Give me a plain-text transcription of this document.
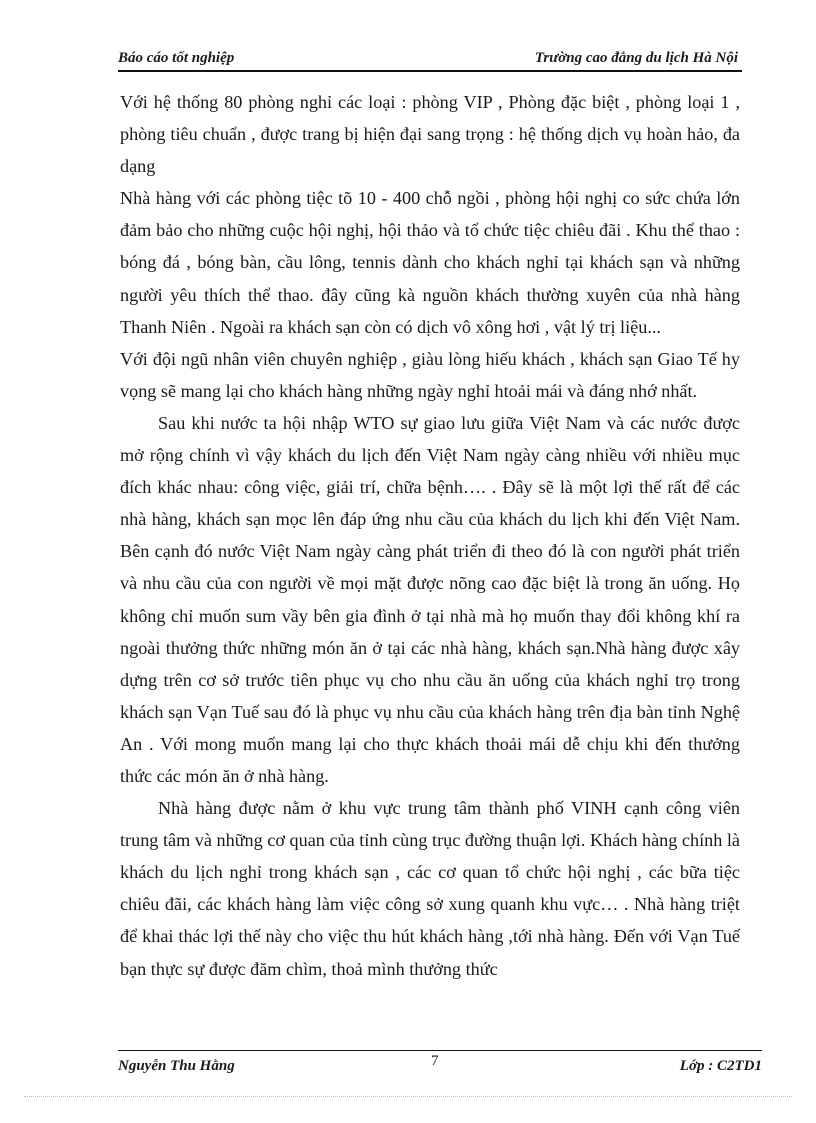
Báo cáo tốt nghiệp	Trường cao đẳng du lịch Hà Nội

Với hệ thống 80 phòng nghỉ các loại : phòng VIP , Phòng đặc biệt , phòng loại 1 , phòng tiêu chuẩn , được trang bị hiện đại sang trọng : hệ thống dịch vụ hoàn hảo, đa dạng

Nhà hàng với các phòng tiệc tõ 10 - 400 chỗ ngồi , phòng hội nghị co sức chứa lớn đảm bảo cho những cuộc hội nghị, hội thảo và tổ chức tiệc chiêu đãi . Khu thể thao : bóng đá , bóng bàn, cầu lông, tennis dành cho khách nghỉ tại khách sạn và những người yêu thích thể thao. đây cũng kà nguồn khách thường xuyên của nhà hàng Thanh Niên . Ngoài ra khách sạn còn có dịch vô xông hơi , vật lý trị liệu...

Với đội ngũ nhân viên chuyên nghiệp , giàu lòng hiếu khách , khách sạn Giao Tế hy vọng sẽ mang lại cho khách hàng những ngày nghỉ htoải mái và đáng nhớ nhất.

Sau khi nước ta hội nhập WTO sự giao lưu giữa Việt Nam và các nước được mở rộng chính vì vậy khách du lịch đến Việt Nam ngày càng nhiều với nhiều mục đích khác nhau: công việc, giải trí, chữa bệnh…. . Đây sẽ là một lợi thế rất để các nhà hàng, khách sạn mọc lên đáp ứng nhu cầu của khách du lịch khi đến Việt Nam. Bên cạnh đó nước Việt Nam ngày càng phát triển đi theo đó là con người phát triển và nhu cầu của con người về mọi mặt được nõng cao đặc biệt là trong ăn uống. Họ không chỉ muốn sum vầy bên gia đình ở tại nhà mà họ muốn thay đổi không khí ra ngoài thưởng thức những món ăn ở tại các nhà hàng, khách sạn.Nhà hàng được xây dựng trên cơ sở trước tiên phục vụ cho nhu cầu ăn uống của khách nghỉ trọ trong khách sạn Vạn Tuế sau đó là phục vụ nhu cầu của khách hàng trên địa bàn tỉnh Nghệ An . Với mong muốn mang lại cho thực khách thoải mái dễ chịu khi đến thưởng thức các món ăn ở nhà hàng.

Nhà hàng được nằm ở khu vực trung tâm thành phố VINH cạnh công viên trung tâm và những cơ quan của tỉnh cùng trục đường thuận lợi. Khách hàng chính là khách du lịch nghỉ trong khách sạn , các cơ quan tổ chức hội nghị , các bữa tiệc chiêu đãi, các khách hàng làm việc công sở xung quanh khu vực… . Nhà hàng triệt để khai thác lợi thế này cho việc thu hút khách hàng ,tới nhà hàng. Đến với Vạn Tuế bạn thực sự được đăm chìm, thoả mình thưởng thức

Nguyễn Thu Hằng	7	Lớp : C2TD1
